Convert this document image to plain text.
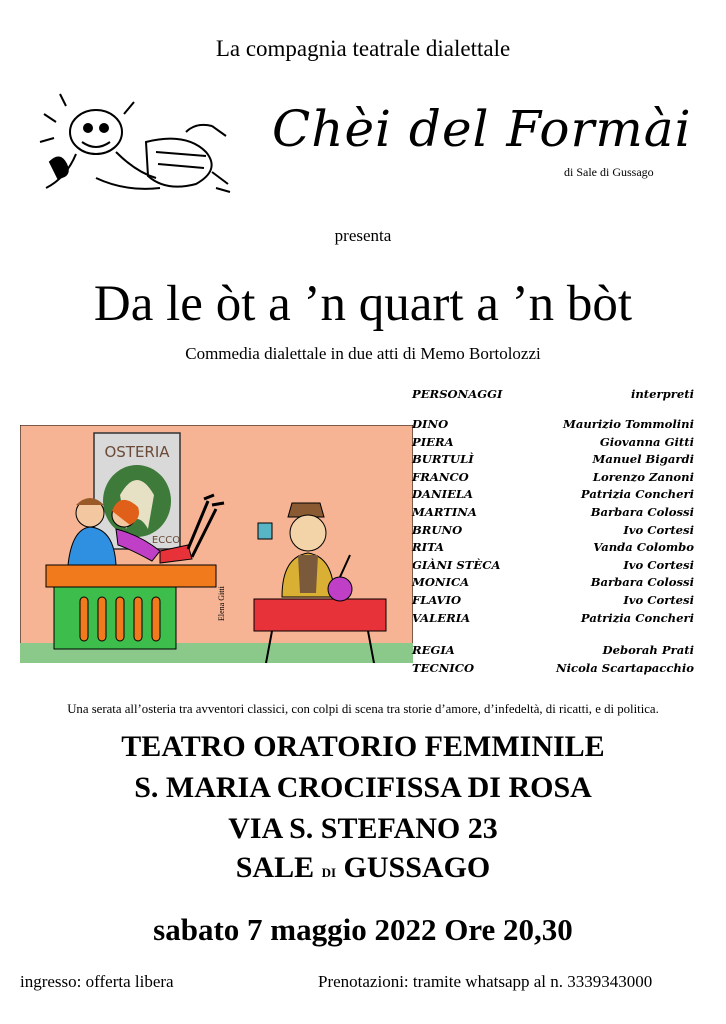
La compagnia teatrale dialettale
Chèi del Formài
di Sale di Gussago
presenta
Da le òt a ’n quart a ’n bòt
Commedia dialettale in due atti di Memo Bortolozzi
OSTERIA
ECCO
Elena Gitti
PERSONAGGI	interpreti
DINO	Maurizio Tommolini
PIERA	Giovanna Gitti
BURTULÌ	Manuel Bigardi
FRANCO	Lorenzo Zanoni
DANIELA	Patrizia Concheri
MARTINA	Barbara Colossi
BRUNO	Ivo Cortesi
RITA	Vanda Colombo
GIÀNI STÈCA	Ivo Cortesi
MONICA	Barbara Colossi
FLAVIO	Ivo Cortesi
VALERIA	Patrizia Concheri
REGIA	Deborah Prati
TECNICO	Nicola Scartapacchio
Una serata all’osteria tra avventori classici, con colpi di scena tra storie d’amore, d’infedeltà, di ricatti, e di politica.
TEATRO ORATORIO FEMMINILE
S. MARIA CROCIFISSA DI ROSA
VIA S. STEFANO 23
SALE DI GUSSAGO
sabato 7 maggio 2022 Ore 20,30
ingresso: offerta libera	Prenotazioni: tramite whatsapp al n. 3339343000
